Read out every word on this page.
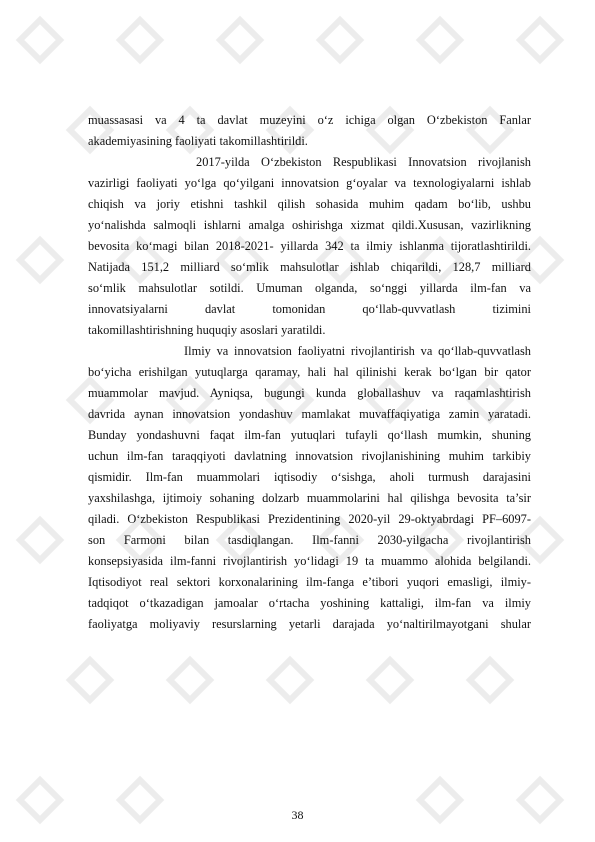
muassasasi va 4 ta davlat muzeyini o‘z ichiga olgan O‘zbekiston Fanlar
akademiyasining faoliyati takomillashtirildi.
2017-yilda O‘zbekiston Respublikasi Innovatsion rivojlanish
vazirligi faoliyati yo‘lga qo‘yilgani innovatsion g‘oyalar va texnologiyalarni ishlab
chiqish va joriy etishni tashkil qilish sohasida muhim qadam bo‘lib, ushbu
yo‘nalishda salmoqli ishlarni amalga oshirishga xizmat qildi.Xususan, vazirlikning
bevosita ko‘magi bilan 2018-2021- yillarda 342 ta ilmiy ishlanma tijoratlashtirildi.
Natijada 151,2 milliard so‘mlik mahsulotlar ishlab chiqarildi, 128,7 milliard
so‘mlik mahsulotlar sotildi. Umuman olganda, so‘nggi yillarda ilm-fan va
innovatsiyalarni davlat tomonidan qo‘llab-quvvatlash tizimini
takomillashtirishning huquqiy asoslari yaratildi.
Ilmiy va innovatsion faoliyatni rivojlantirish va qo‘llab-quvvatlash
bo‘yicha erishilgan yutuqlarga qaramay, hali hal qilinishi kerak bo‘lgan bir qator
muammolar mavjud. Ayniqsa, bugungi kunda globallashuv va raqamlashtirish
davrida aynan innovatsion yondashuv mamlakat muvaffaqiyatiga zamin yaratadi.
Bunday yondashuvni faqat ilm-fan yutuqlari tufayli qo‘llash mumkin, shuning
uchun ilm-fan taraqqiyoti davlatning innovatsion rivojlanishining muhim tarkibiy
qismidir. Ilm-fan muammolari iqtisodiy o‘sishga, aholi turmush darajasini
yaxshilashga, ijtimoiy sohaning dolzarb muammolarini hal qilishga bevosita ta’sir
qiladi. O‘zbekiston Respublikasi Prezidentining 2020-yil 29-oktyabrdagi PF–6097-
son Farmoni bilan tasdiqlangan. Ilm-fanni 2030-yilgacha rivojlantirish
konsepsiyasida ilm-fanni rivojlantirish yo‘lidagi 19 ta muammo alohida belgilandi.
Iqtisodiyot real sektori korxonalarining ilm-fanga e’tibori yuqori emasligi, ilmiy-
tadqiqot o‘tkazadigan jamoalar o‘rtacha yoshining kattaligi, ilm-fan va ilmiy
faoliyatga moliyaviy resurslarning yetarli darajada yo‘naltirilmayotgani shular
38
